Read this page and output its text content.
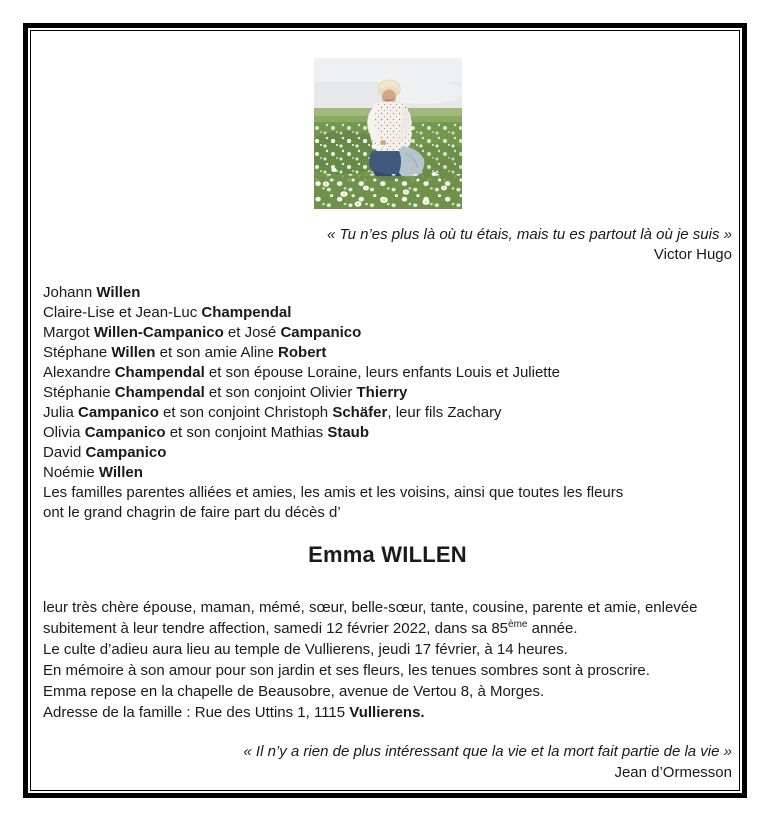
« Tu n’es plus là où tu étais, mais tu es partout là où je suis »
Victor Hugo
Johann Willen
Claire-Lise et Jean-Luc Champendal
Margot Willen-Campanico et José Campanico
Stéphane Willen et son amie Aline Robert
Alexandre Champendal et son épouse Loraine, leurs enfants Louis et Juliette
Stéphanie Champendal et son conjoint Olivier Thierry
Julia Campanico et son conjoint Christoph Schäfer, leur fils Zachary
Olivia Campanico et son conjoint Mathias Staub
David Campanico
Noémie Willen
Les familles parentes alliées et amies, les amis et les voisins, ainsi que toutes les fleurs
ont le grand chagrin de faire part du décès d’
Emma WILLEN
leur très chère épouse, maman, mémé, sœur, belle-sœur, tante, cousine, parente et amie, enlevée
subitement à leur tendre affection, samedi 12 février 2022, dans sa 85ème année.
Le culte d’adieu aura lieu au temple de Vullierens, jeudi 17 février, à 14 heures.
En mémoire à son amour pour son jardin et ses fleurs, les tenues sombres sont à proscrire.
Emma repose en la chapelle de Beausobre, avenue de Vertou 8, à Morges.
Adresse de la famille : Rue des Uttins 1, 1115 Vullierens.
« Il n’y a rien de plus intéressant que la vie et la mort fait partie de la vie »
Jean d’Ormesson
